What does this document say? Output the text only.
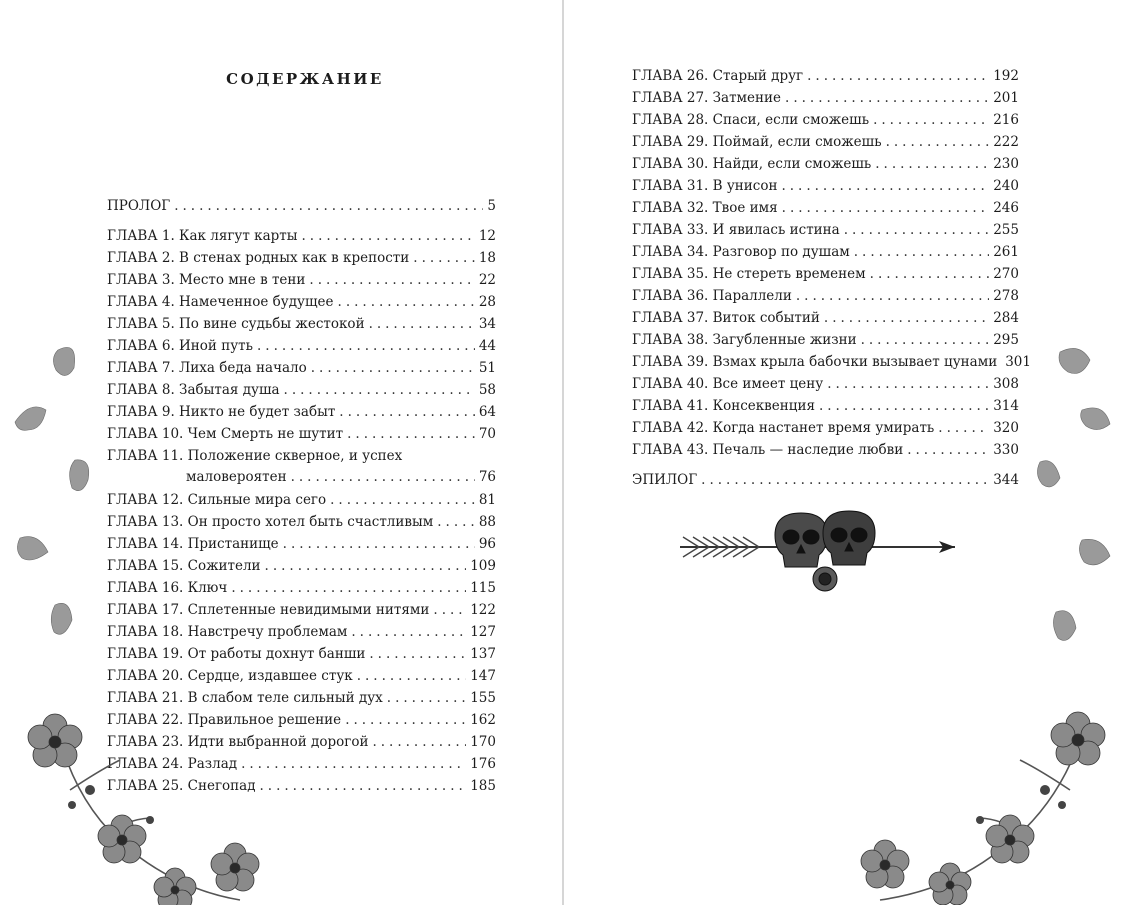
СОДЕРЖАНИЕ
ПРОЛОГ .....	5
ГЛАВА 1. Как лягут карты .....	12
ГЛАВА 2. В стенах родных как в крепости .....	18
ГЛАВА 3. Место мне в тени .....	22
ГЛАВА 4. Намеченное будущее .....	28
ГЛАВА 5. По вине судьбы жестокой .....	34
ГЛАВА 6. Иной путь .....	44
ГЛАВА 7. Лиха беда начало .....	51
ГЛАВА 8. Забытая душа .....	58
ГЛАВА 9. Никто не будет забыт .....	64
ГЛАВА 10. Чем Смерть не шутит .....	70
ГЛАВА 11. Положение скверное, и успех
маловероятен .....	76
ГЛАВА 12. Сильные мира сего .....	81
ГЛАВА 13. Он просто хотел быть счастливым .....	88
ГЛАВА 14. Пристанище .....	96
ГЛАВА 15. Сожители .....	109
ГЛАВА 16. Ключ .....	115
ГЛАВА 17. Сплетенные невидимыми нитями .....	122
ГЛАВА 18. Навстречу проблемам .....	127
ГЛАВА 19. От работы дохнут банши .....	137
ГЛАВА 20. Сердце, издавшее стук .....	147
ГЛАВА 21. В слабом теле сильный дух .....	155
ГЛАВА 22. Правильное решение .....	162
ГЛАВА 23. Идти выбранной дорогой .....	170
ГЛАВА 24. Разлад .....	176
ГЛАВА 25. Снегопад .....	185
ГЛАВА 26. Старый друг .....	192
ГЛАВА 27. Затмение .....	201
ГЛАВА 28. Спаси, если сможешь .....	216
ГЛАВА 29. Поймай, если сможешь .....	222
ГЛАВА 30. Найди, если сможешь .....	230
ГЛАВА 31. В унисон .....	240
ГЛАВА 32. Твое имя .....	246
ГЛАВА 33. И явилась истина .....	255
ГЛАВА 34. Разговор по душам .....	261
ГЛАВА 35. Не стереть временем .....	270
ГЛАВА 36. Параллели .....	278
ГЛАВА 37. Виток событий .....	284
ГЛАВА 38. Загубленные жизни .....	295
ГЛАВА 39. Взмах крыла бабочки вызывает цунами 301
ГЛАВА 40. Все имеет цену .....	308
ГЛАВА 41. Консеквенция .....	314
ГЛАВА 42. Когда настанет время умирать .....	320
ГЛАВА 43. Печаль — наследие любви .....	330
ЭПИЛОГ .....	344
